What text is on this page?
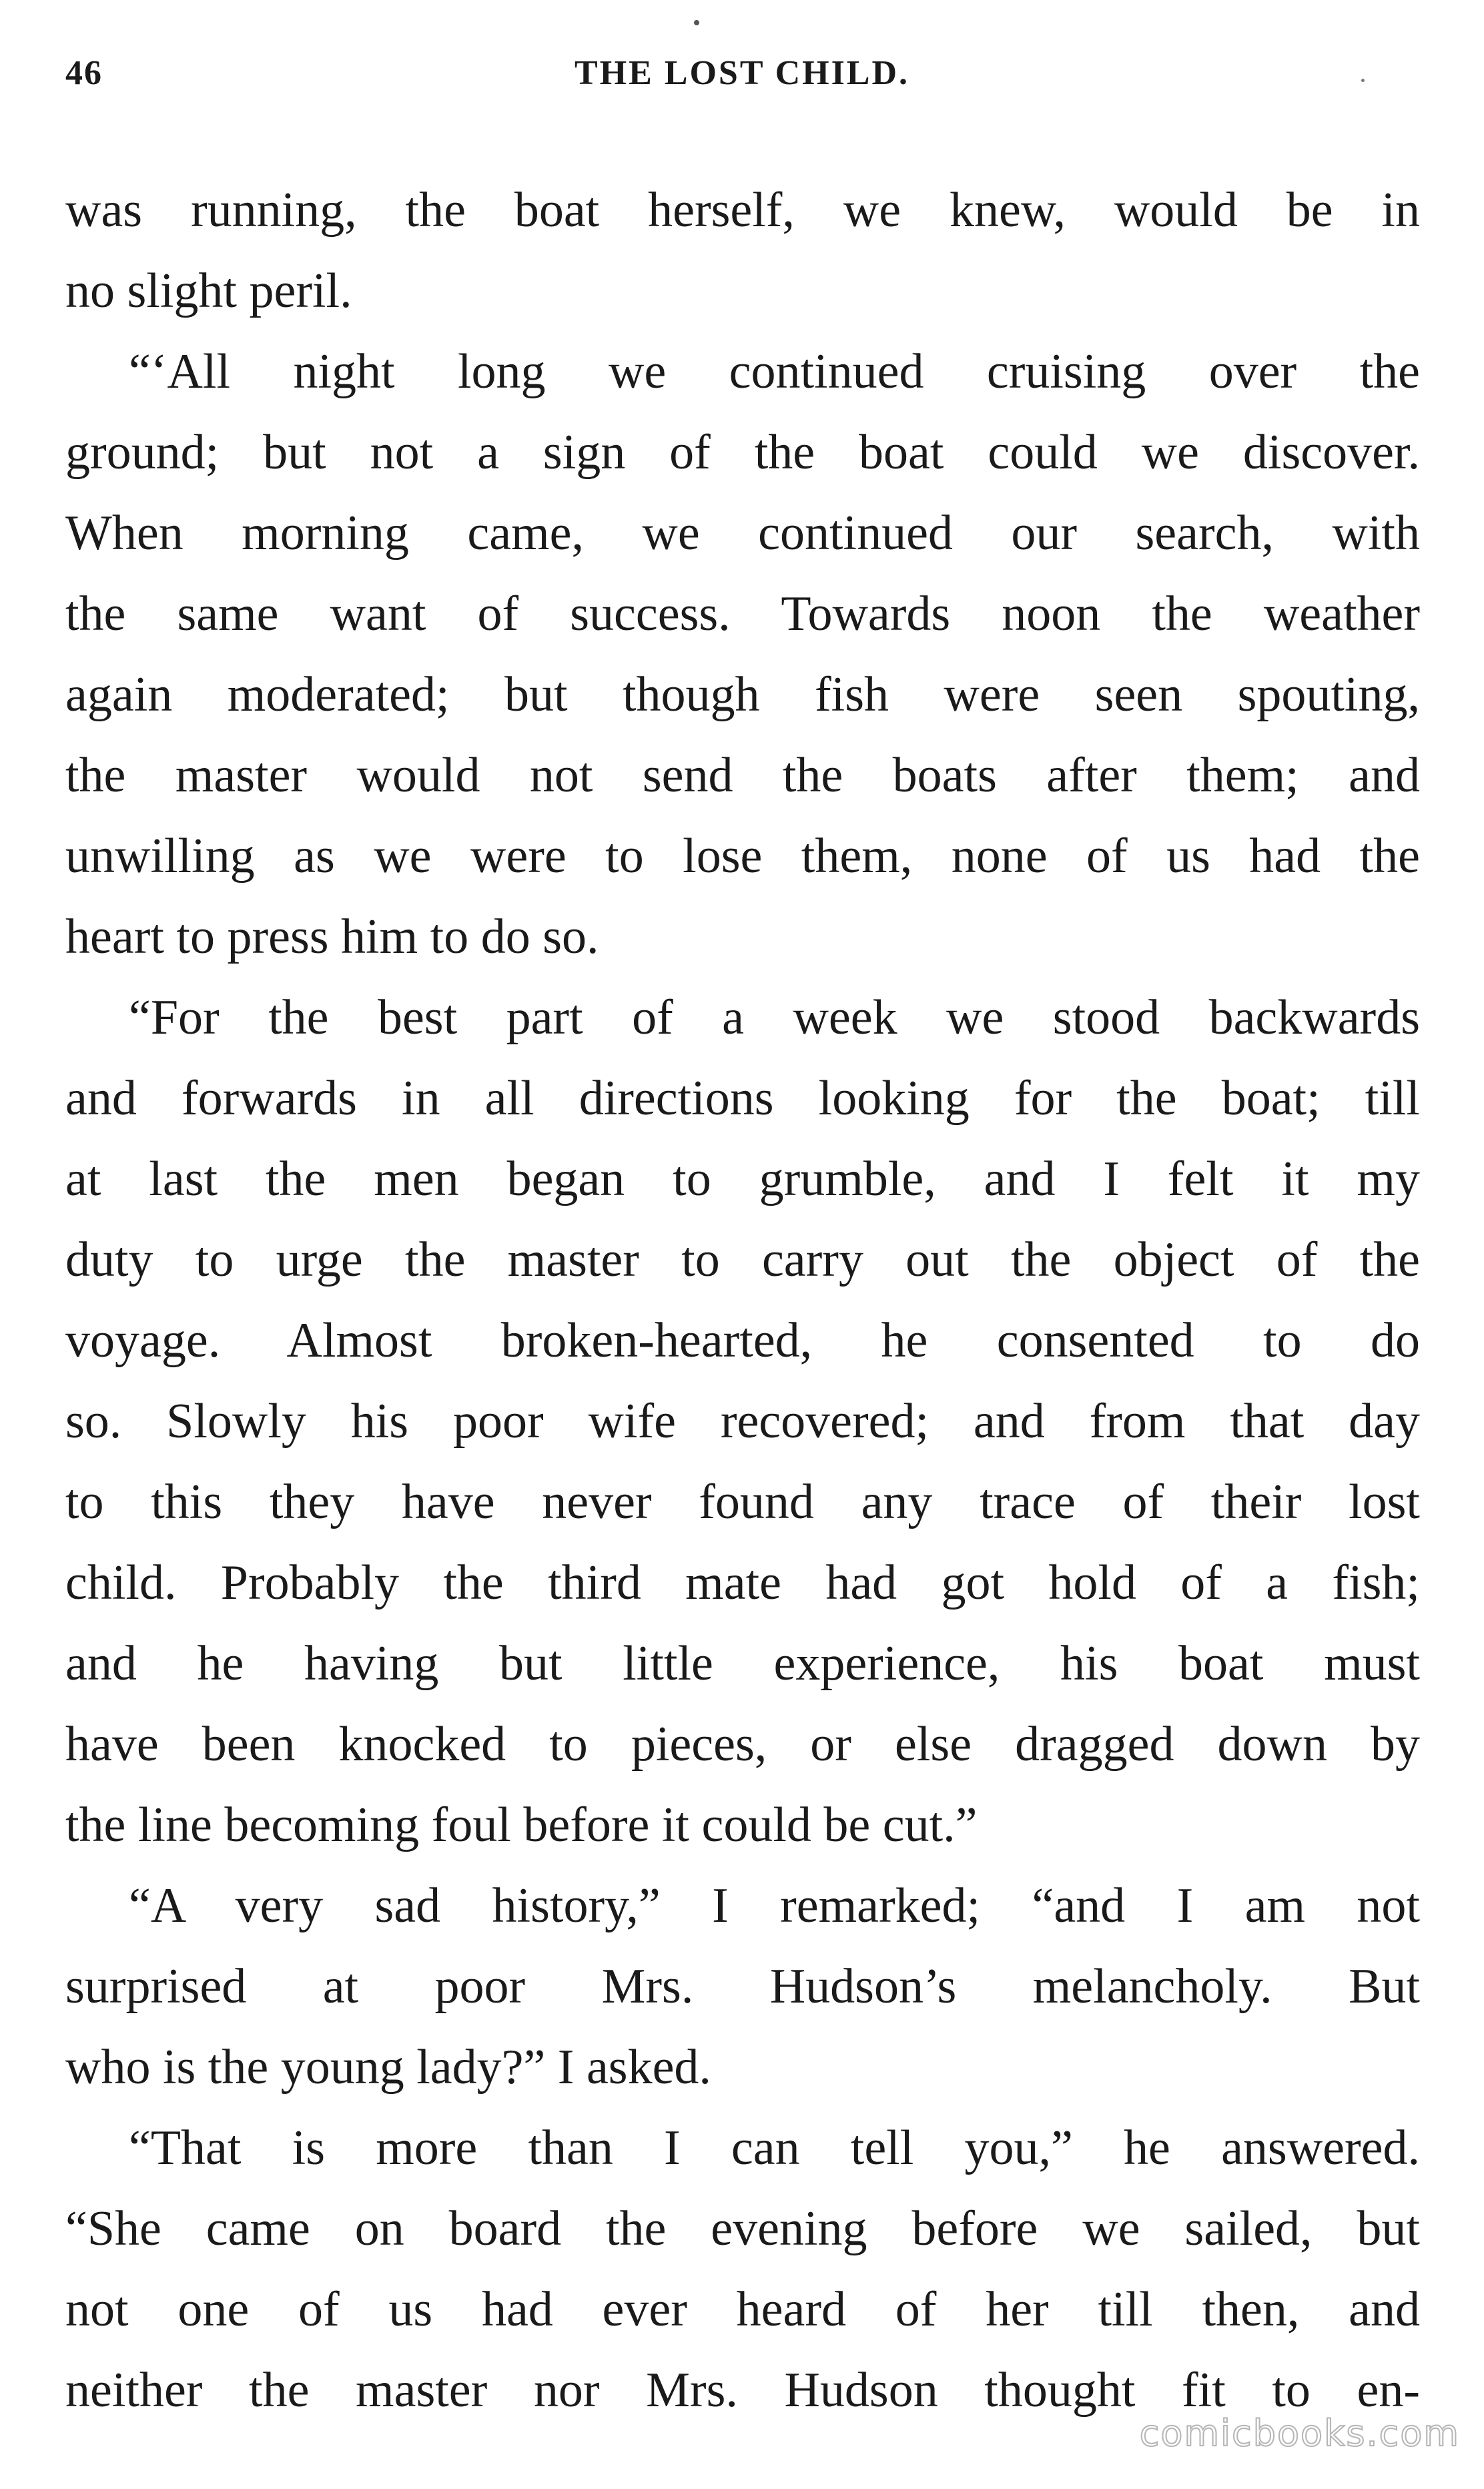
46	THE LOST CHILD.
was running, the boat herself, we knew, would be in
no slight peril.
“‘All night long we continued cruising over the
ground; but not a sign of the boat could we discover.
When morning came, we continued our search, with
the same want of success. Towards noon the weather
again moderated; but though fish were seen spouting,
the master would not send the boats after them; and
unwilling as we were to lose them, none of us had the
heart to press him to do so.
“For the best part of a week we stood backwards
and forwards in all directions looking for the boat; till
at last the men began to grumble, and I felt it my
duty to urge the master to carry out the object of the
voyage. Almost broken-hearted, he consented to do
so. Slowly his poor wife recovered; and from that day
to this they have never found any trace of their lost
child. Probably the third mate had got hold of a fish;
and he having but little experience, his boat must
have been knocked to pieces, or else dragged down by
the line becoming foul before it could be cut.”
“A very sad history,” I remarked; “and I am not
surprised at poor Mrs. Hudson’s melancholy. But
who is the young lady?” I asked.
“That is more than I can tell you,” he answered.
“She came on board the evening before we sailed, but
not one of us had ever heard of her till then, and
neither the master nor Mrs. Hudson thought fit to en-
comicbooks.com
